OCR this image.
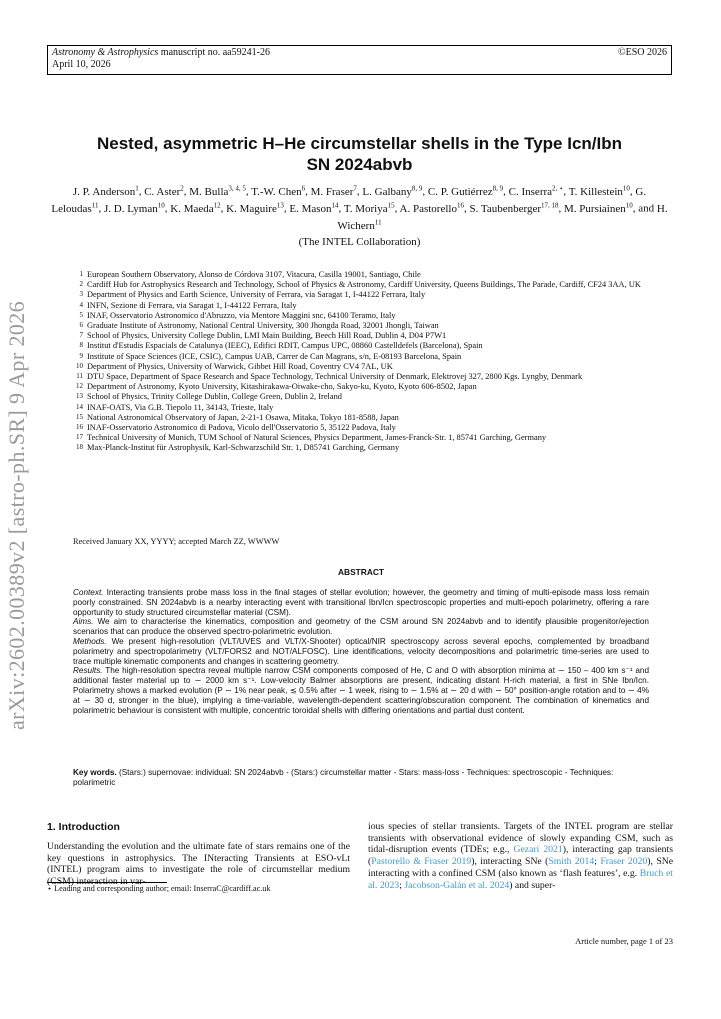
Astronomy & Astrophysics manuscript no. aa59241-26
April 10, 2026
©ESO 2026
arXiv:2602.00389v2 [astro-ph.SR] 9 Apr 2026
Nested, asymmetric H–He circumstellar shells in the Type Icn/Ibn
SN 2024abvb
J. P. Anderson$^1$, C. Aster$^2$, M. Bulla$^{3, 4, 5}$, T.-W. Chen$^6$, M. Fraser$^7$, L. Galbany$^{8, 9}$, C. P. Gutiérrez$^{8, 9}$, C. Inserra$^{2, ⋆}$, T. Killestein$^{10}$, G. Leloudas$^{11}$, J. D. Lyman$^{10}$, K. Maeda$^{12}$, K. Maguire$^{13}$, E. Mason$^{14}$, T. Moriya$^{15}$, A. Pastorello$^{16}$, S. Taubenberger$^{17, 18}$, M. Pursiainen$^{10}$, and H. Wichern$^{11}$
(The INTEL Collaboration)
1 European Southern Observatory, Alonso de Córdova 3107, Vitacura, Casilla 19001, Santiago, Chile
2 Cardiff Hub for Astrophysics Research and Technology, School of Physics & Astronomy, Cardiff University, Queens Buildings, The Parade, Cardiff, CF24 3AA, UK
3 Department of Physics and Earth Science, University of Ferrara, via Saragat 1, I-44122 Ferrara, Italy
4 INFN, Sezione di Ferrara, via Saragat 1, I-44122 Ferrara, Italy
5 INAF, Osservatorio Astronomico d'Abruzzo, via Mentore Maggini snc, 64100 Teramo, Italy
6 Graduate Institute of Astronomy, National Central University, 300 Jhongda Road, 32001 Jhongli, Taiwan
7 School of Physics, University College Dublin, LMI Main Building, Beech Hill Road, Dublin 4, D04 P7W1
8 Institut d'Estudis Espacials de Catalunya (IEEC), Edifici RDIT, Campus UPC, 08860 Castelldefels (Barcelona), Spain
9 Institute of Space Sciences (ICE, CSIC), Campus UAB, Carrer de Can Magrans, s/n, E-08193 Barcelona, Spain
10 Department of Physics, University of Warwick, Gibbet Hill Road, Coventry CV4 7AL, UK
11 DTU Space, Department of Space Research and Space Technology, Technical University of Denmark, Elektrovej 327, 2800 Kgs. Lyngby, Denmark
12 Department of Astronomy, Kyoto University, Kitashirakawa-Oiwake-cho, Sakyo-ku, Kyoto, Kyoto 606-8502, Japan
13 School of Physics, Trinity College Dublin, College Green, Dublin 2, Ireland
14 INAF-OATS, Via G.B. Tiepolo 11, 34143, Trieste, Italy
15 National Astronomical Observatory of Japan, 2-21-1 Osawa, Mitaka, Tokyo 181-8588, Japan
16 INAF-Osservatorio Astronomico di Padova, Vicolo dell'Osservatorio 5, 35122 Padova, Italy
17 Technical University of Munich, TUM School of Natural Sciences, Physics Department, James-Franck-Str. 1, 85741 Garching, Germany
18 Max-Planck-Institut für Astrophysik, Karl-Schwarzschild Str. 1, D85741 Garching, Germany
Received January XX, YYYY; accepted March ZZ, WWWW
ABSTRACT

Context. Interacting transients probe mass loss in the final stages of stellar evolution; however, the geometry and timing of multi-episode mass loss remain poorly constrained. SN 2024abvb is a nearby interacting event with transitional Ibn/Icn spectroscopic properties and multi-epoch polarimetry, offering a rare opportunity to study structured circumstellar material (CSM).

Aims. We aim to characterise the kinematics, composition and geometry of the CSM around SN 2024abvb and to identify plausible progenitor/ejection scenarios that can produce the observed spectro-polarimetric evolution.

Methods. We present high-resolution (VLT/UVES and VLT/X-Shooter) optical/NIR spectroscopy across several epochs, complemented by broadband polarimetry and spectropolarimetry (VLT/FORS2 and NOT/ALFOSC). Line identifications, velocity decompositions and polarimetric time-series are used to trace multiple kinematic components and changes in scattering geometry.

Results. The high-resolution spectra reveal multiple narrow CSM components composed of He, C and O with absorption minima at ∼ 150 – 400 km s⁻¹ and additional faster material up to ∼ 2000 km s⁻¹. Low-velocity Balmer absorptions are present, indicating distant H-rich material, a first in SNe Ibn/Icn. Polarimetry shows a marked evolution (P ∼ 1% near peak, ≲ 0.5% after ∼ 1 week, rising to ∼ 1.5% at ∼ 20 d with ∼ 50° position-angle rotation and to ∼ 4% at ∼ 30 d, stronger in the blue), implying a time-variable, wavelength-dependent scattering/obscuration component. The combination of kinematics and polarimetric behaviour is consistent with multiple, concentric toroidal shells with differing orientations and partial dust content.

Key words. (Stars:) supernovae: individual: SN 2024abvb - (Stars:) circumstellar matter - Stars: mass-loss - Techniques: spectroscopic - Techniques: polarimetric
1. Introduction

Understanding the evolution and the ultimate fate of stars remains one of the key questions in astrophysics. The INteracting Transients at ESO-vLt (INTEL) program aims to investigate the role of circumstellar medium (CSM) interaction in var-

ious species of stellar transients. Targets of the INTEL program are stellar transients with observational evidence of slowly expanding CSM, such as tidal-disruption events (TDEs; e.g., Gezari 2021), interacting gap transients (Pastorello & Fraser 2019), interacting SNe (Smith 2014; Fraser 2020), SNe interacting with a confined CSM (also known as ‘flash features’, e.g. Bruch et al. 2023; Jacobson-Galán et al. 2024) and super-

⋆ Leading and corresponding author; email: InserraC@cardiff.ac.uk
Article number, page 1 of 23
